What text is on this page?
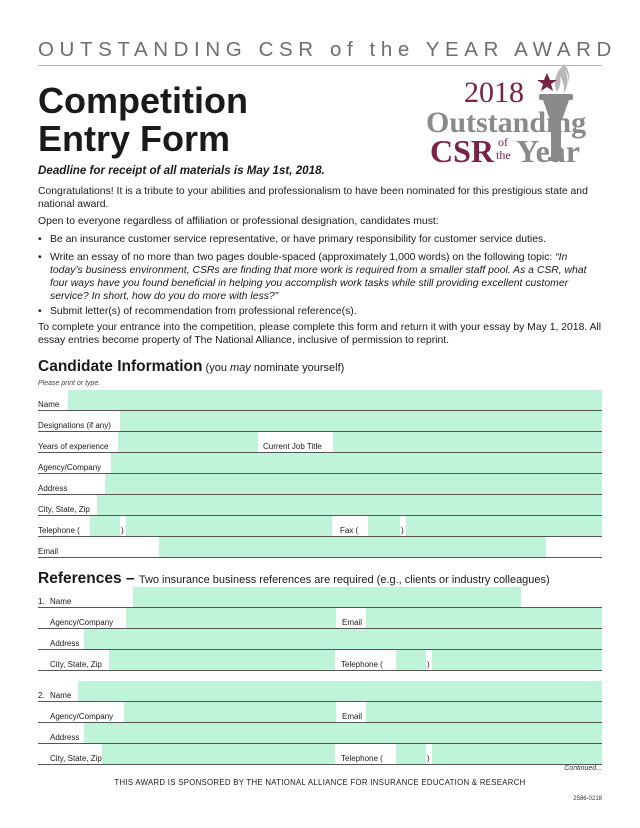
OUTSTANDING CSR of the YEAR AWARD
Competition
Entry Form
2018
Outstanding
CSR of
the Year
Deadline for receipt of all materials is May 1st, 2018.
Congratulations! It is a tribute to your abilities and professionalism to have been nominated for this prestigious state and national award.
Open to everyone regardless of affiliation or professional designation, candidates must:
• Be an insurance customer service representative, or have primary responsibility for customer service duties.
• Write an essay of no more than two pages double-spaced (approximately 1,000 words) on the following topic: “In today’s business environment, CSRs are finding that more work is required from a smaller staff pool. As a CSR, what four ways have you found beneficial in helping you accomplish work tasks while still providing excellent customer service? In short, how do you do more with less?”
• Submit letter(s) of recommendation from professional reference(s).
To complete your entrance into the competition, please complete this form and return it with your essay by May 1, 2018. All essay entries become property of The National Alliance, inclusive of permission to reprint.
Candidate Information (you may nominate yourself)
Please print or type.
Name
Designations (if any)
Years of experience	Current Job Title
Agency/Company
Address
City, State, Zip
Telephone (	)	Fax (	)
Email
References – Two insurance business references are required (e.g., clients or industry colleagues)
1. Name
Agency/Company	Email
Address
City, State, Zip	Telephone (	)
2. Name
Agency/Company	Email
Address
City, State, Zip	Telephone (	)
Continued...
THIS AWARD IS SPONSORED BY THE NATIONAL ALLIANCE FOR INSURANCE EDUCATION & RESEARCH
2586-0218
